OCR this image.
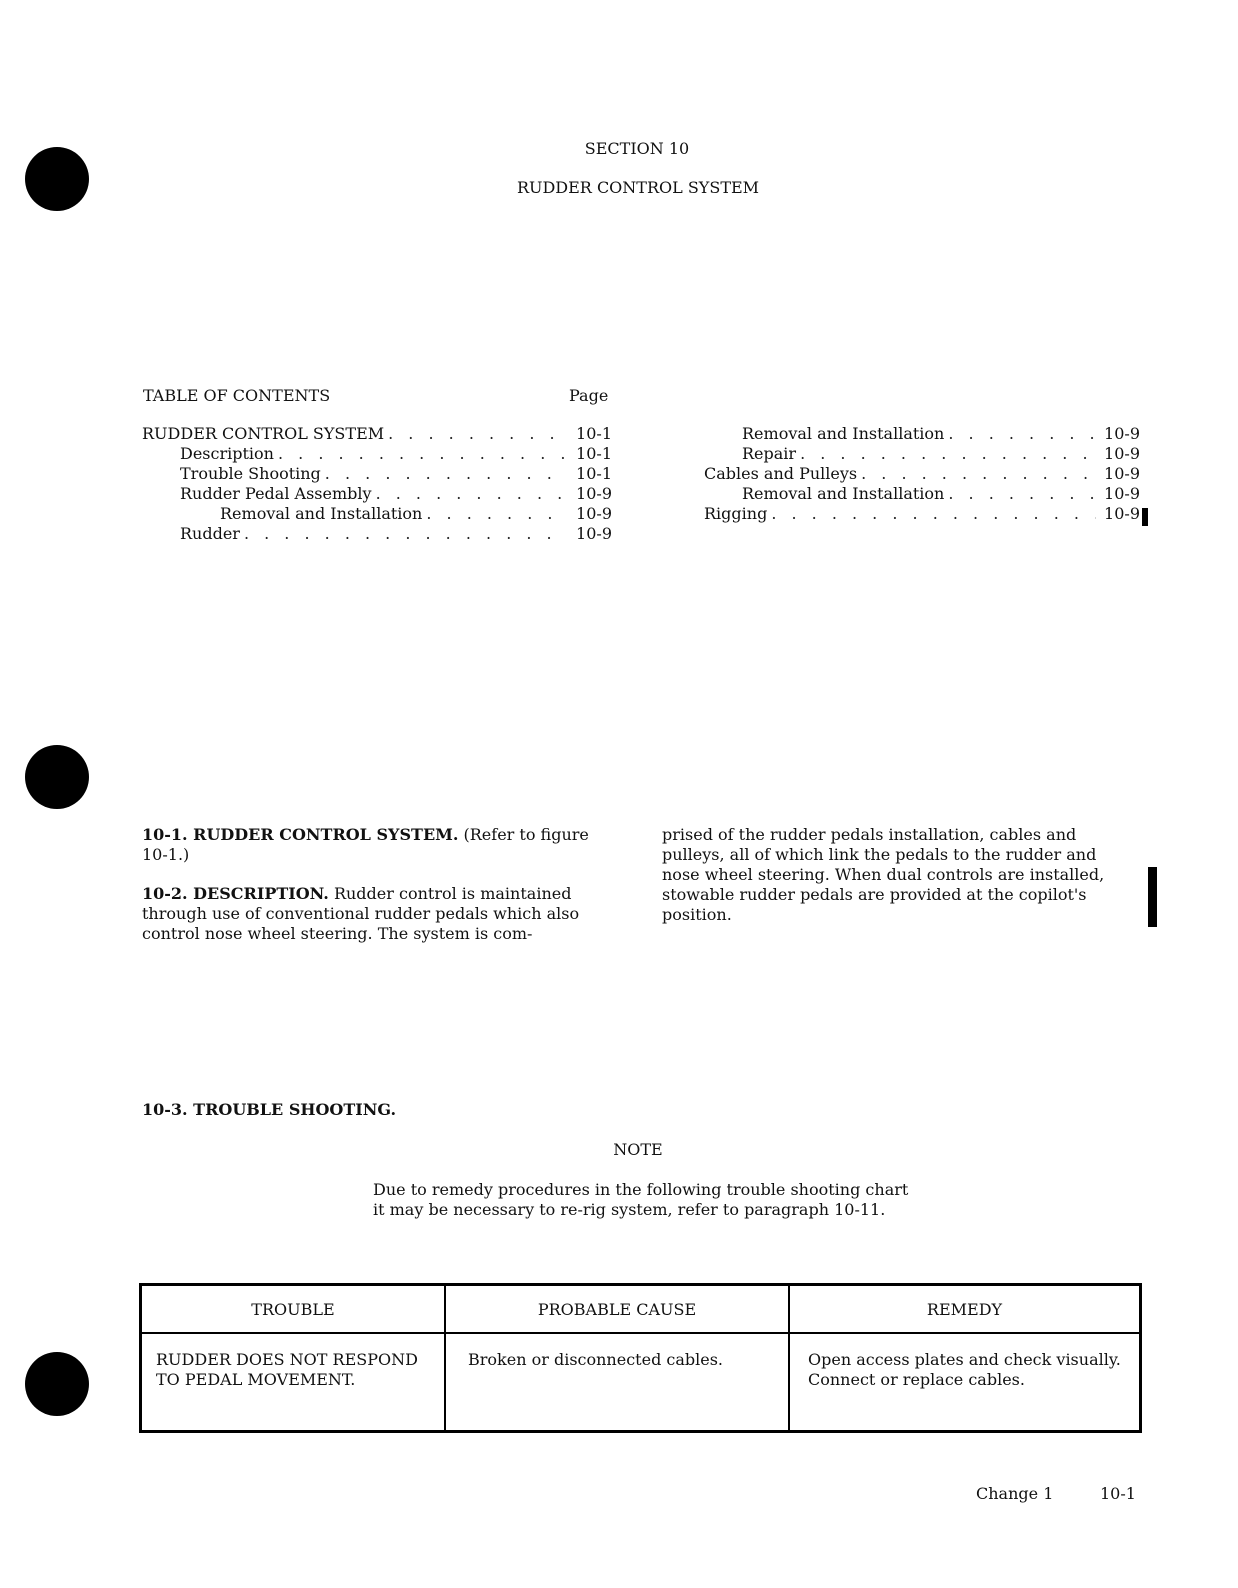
SECTION 10
RUDDER CONTROL SYSTEM
TABLE OF CONTENTS	Page
RUDDER CONTROL SYSTEM . . .	10-1
Description . . .	10-1
Trouble Shooting . . .	10-1
Rudder Pedal Assembly . . .	10-9
Removal and Installation . . .	10-9
Rudder . . .	10-9
Removal and Installation . . .	10-9
Repair . . .	10-9
Cables and Pulleys . . .	10-9
Removal and Installation . . .	10-9
Rigging . . .	10-9
10-1. RUDDER CONTROL SYSTEM. (Refer to figure 10-1.)
10-2. DESCRIPTION. Rudder control is maintained through use of conventional rudder pedals which also control nose wheel steering. The system is com-
prised of the rudder pedals installation, cables and pulleys, all of which link the pedals to the rudder and nose wheel steering. When dual controls are installed, stowable rudder pedals are provided at the copilot's position.
10-3. TROUBLE SHOOTING.
NOTE
Due to remedy procedures in the following trouble shooting chart it may be necessary to re-rig system, refer to paragraph 10-11.
TROUBLE	PROBABLE CAUSE	REMEDY
RUDDER DOES NOT RESPOND TO PEDAL MOVEMENT.	Broken or disconnected cables.	Open access plates and check visually. Connect or replace cables.
Change 1	10-1
